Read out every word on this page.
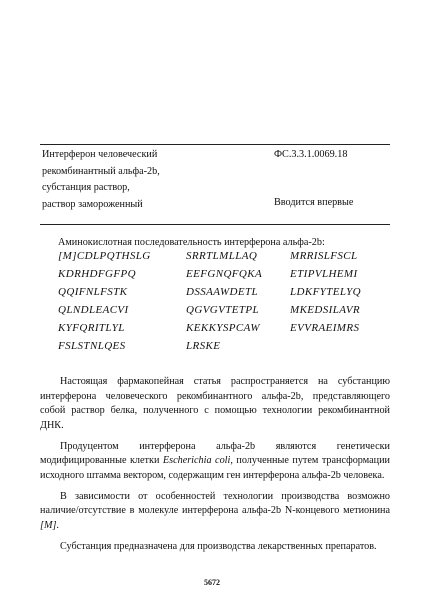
Интерферон человеческий
рекомбинантный альфа-2b,
субстанция раствор,
раствор замороженный
ФС.3.3.1.0069.18
Вводится впервые
Аминокислотная последовательность интерферона альфа-2b:
[M]CDLPQTHSLG	SRRTLMLLAQ	MRRISLFSCL
KDRHDFGFPQ	EEFGNQFQKA	ETIPVLHEMI
QQIFNLFSTK	DSSAAWDETL	LDKFYTELYQ
QLNDLEACVI	QGVGVTETPL	MKEDSILAVR
KYFQRITLYL	KEKKYSPCAW	EVVRAEIMRS
FSLSTNLQES	LRSKE

Настоящая фармакопейная статья распространяется на субстанцию интерферона человеческого рекомбинантного альфа-2b, представляющего собой раствор белка, полученного с помощью технологии рекомбинантной ДНК.

Продуцентом интерферона альфа-2b являются генетически модифицированные клетки Escherichia coli, полученные путем трансформации исходного штамма вектором, содержащим ген интерферона альфа-2b человека.

В зависимости от особенностей технологии производства возможно наличие/отсутствие в молекуле интерферона альфа-2b N-концевого метионина [M].

Субстанция предназначена для производства лекарственных препаратов.

5672
